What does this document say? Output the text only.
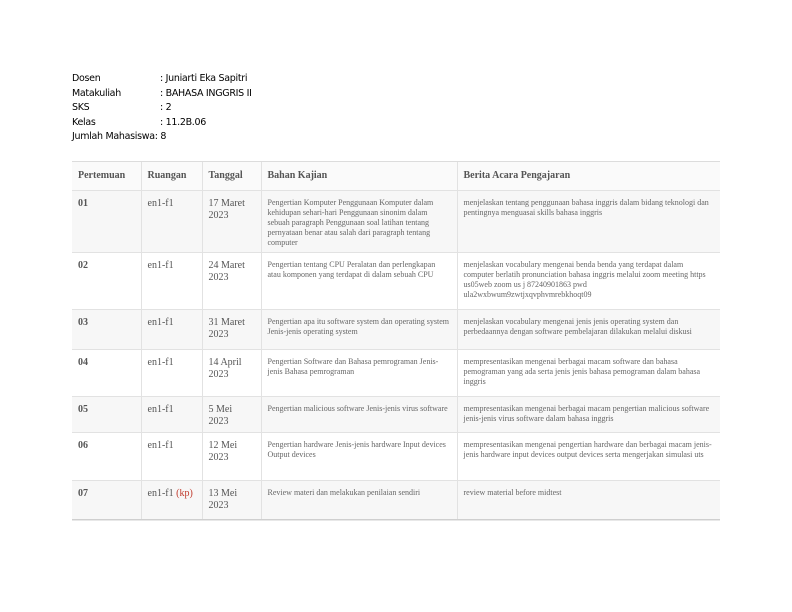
Dosen	: Juniarti Eka Sapitri
Matakuliah	: BAHASA INGGRIS II
SKS	: 2
Kelas	: 11.2B.06
Jumlah Mahasiswa: 8
Pertemuan	Ruangan	Tanggal	Bahan Kajian	Berita Acara Pengajaran
01	en1-f1	17 Maret 2023	Pengertian Komputer Penggunaan Komputer dalam kehidupan sehari-hari Penggunaan sinonim dalam sebuah paragraph Penggunaan soal latihan tentang pernyataan benar atau salah dari paragraph tentang computer	menjelaskan tentang penggunaan bahasa inggris dalam bidang teknologi dan pentingnya menguasai skills bahasa inggris
02	en1-f1	24 Maret 2023	Pengertian tentang CPU Peralatan dan perlengkapan atau komponen yang terdapat di dalam sebuah CPU	menjelaskan vocabulary mengenai benda benda yang terdapat dalam computer berlatih pronunciation bahasa inggris melalui zoom meeting https us05web zoom us j 87240901863 pwd ula2wxbwum9zwtjxqvphvmrebkhoqt09
03	en1-f1	31 Maret 2023	Pengertian apa itu software system dan operating system Jenis-jenis operating system	menjelaskan vocabulary mengenai jenis jenis operating system dan perbedaannya dengan software pembelajaran dilakukan melalui diskusi
04	en1-f1	14 April 2023	Pengertian Software dan Bahasa pemrograman Jenis-jenis Bahasa pemrograman	mempresentasikan mengenai berbagai macam software dan bahasa pemograman yang ada serta jenis jenis bahasa pemograman dalam bahasa inggris
05	en1-f1	5 Mei 2023	Pengertian malicious software Jenis-jenis virus software	mempresentasikan mengenai berbagai macam pengertian malicious software jenis-jenis virus software dalam bahasa inggris
06	en1-f1	12 Mei 2023	Pengertian hardware Jenis-jenis hardware Input devices Output devices	mempresentasikan mengenai pengertian hardware dan berbagai macam jenis-jenis hardware input devices output devices serta mengerjakan simulasi uts
07	en1-f1 (kp)	13 Mei 2023	Review materi dan melakukan penilaian sendiri	review material before midtest
